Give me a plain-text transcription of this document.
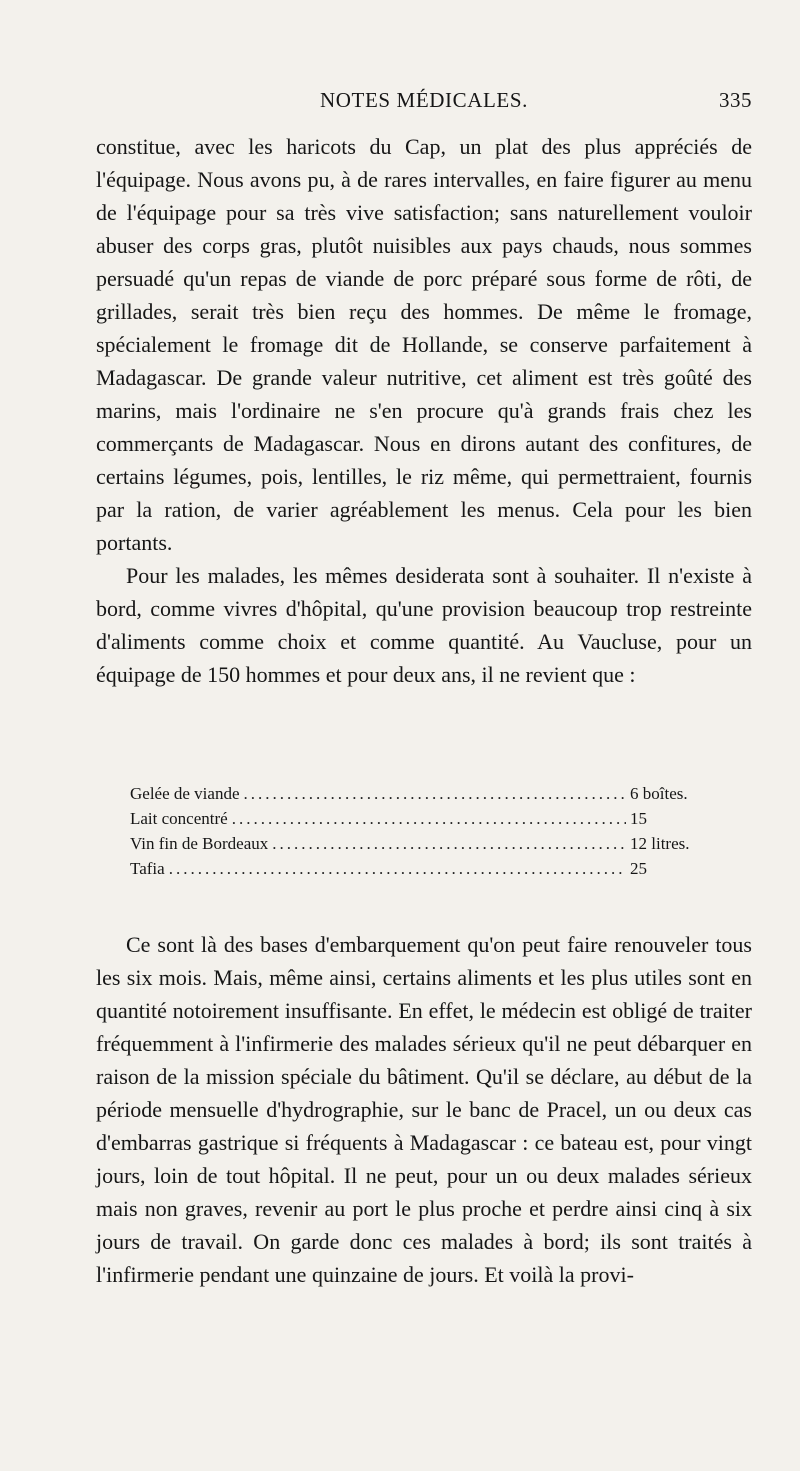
NOTES MÉDICALES.	335

constitue, avec les haricots du Cap, un plat des plus appréciés de l'équipage. Nous avons pu, à de rares intervalles, en faire figurer au menu de l'équipage pour sa très vive satisfaction; sans naturellement vouloir abuser des corps gras, plutôt nuisibles aux pays chauds, nous sommes persuadé qu'un repas de viande de porc préparé sous forme de rôti, de grillades, serait très bien reçu des hommes. De même le fromage, spécialement le fromage dit de Hollande, se conserve parfaitement à Madagascar. De grande valeur nutritive, cet aliment est très goûté des marins, mais l'ordinaire ne s'en procure qu'à grands frais chez les commerçants de Madagascar. Nous en dirons autant des confitures, de certains légumes, pois, lentilles, le riz même, qui permettraient, fournis par la ration, de varier agréablement les menus. Cela pour les bien portants.

Pour les malades, les mêmes desiderata sont à souhaiter. Il n'existe à bord, comme vivres d'hôpital, qu'une provision beaucoup trop restreinte d'aliments comme choix et comme quantité. Au Vaucluse, pour un équipage de 150 hommes et pour deux ans, il ne revient que :

Gelée de viande .....	6 boîtes.
Lait concentré .....	15
Vin fin de Bordeaux .....	12 litres.
Tafia .....	25

Ce sont là des bases d'embarquement qu'on peut faire renouveler tous les six mois. Mais, même ainsi, certains aliments et les plus utiles sont en quantité notoirement insuffisante. En effet, le médecin est obligé de traiter fréquemment à l'infirmerie des malades sérieux qu'il ne peut débarquer en raison de la mission spéciale du bâtiment. Qu'il se déclare, au début de la période mensuelle d'hydrographie, sur le banc de Pracel, un ou deux cas d'embarras gastrique si fréquents à Madagascar : ce bateau est, pour vingt jours, loin de tout hôpital. Il ne peut, pour un ou deux malades sérieux mais non graves, revenir au port le plus proche et perdre ainsi cinq à six jours de travail. On garde donc ces malades à bord; ils sont traités à l'infirmerie pendant une quinzaine de jours. Et voilà la provi-
